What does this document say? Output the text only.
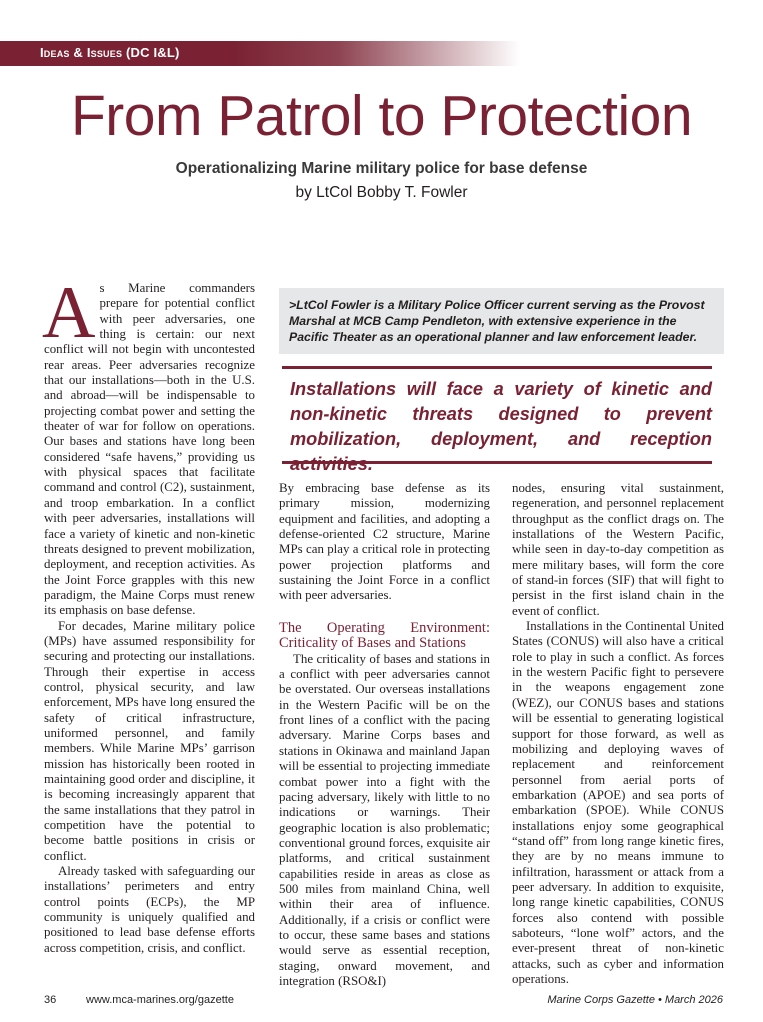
Ideas & Issues (DC I&L)
From Patrol to Protection
Operationalizing Marine military police for base defense
by LtCol Bobby T. Fowler

As Marine commanders prepare for potential conflict with peer adversaries, one thing is certain: our next conflict will not begin with uncontested rear areas. Peer adversaries recognize that our installations—both in the U.S. and abroad—will be indispensable to projecting combat power and setting the theater of war for follow on operations. Our bases and stations have long been considered “safe havens,” providing us with physical spaces that facilitate command and control (C2), sustainment, and troop embarkation. In a conflict with peer adversaries, installations will face a variety of kinetic and non-kinetic threats designed to prevent mobilization, deployment, and reception activities. As the Joint Force grapples with this new paradigm, the Maine Corps must renew its emphasis on base defense.

For decades, Marine military police (MPs) have assumed responsibility for securing and protecting our installations. Through their expertise in access control, physical security, and law enforcement, MPs have long ensured the safety of critical infrastructure, uniformed personnel, and family members. While Marine MPs’ garrison mission has historically been rooted in maintaining good order and discipline, it is becoming increasingly apparent that the same installations that they patrol in competition have the potential to become battle positions in crisis or conflict.

Already tasked with safeguarding our installations’ perimeters and entry control points (ECPs), the MP community is uniquely qualified and positioned to lead base defense efforts across competition, crisis, and conflict.

>LtCol Fowler is a Military Police Officer current serving as the Provost Marshal at MCB Camp Pendleton, with extensive experience in the Pacific Theater as an operational planner and law enforcement leader.

Installations will face a variety of kinetic and non-kinetic threats designed to prevent mobilization, deployment, and reception activities.

By embracing base defense as its primary mission, modernizing equipment and facilities, and adopting a defense-oriented C2 structure, Marine MPs can play a critical role in protecting power projection platforms and sustaining the Joint Force in a conflict with peer adversaries.

The Operating Environment: Criticality of Bases and Stations

The criticality of bases and stations in a conflict with peer adversaries cannot be overstated. Our overseas installations in the Western Pacific will be on the front lines of a conflict with the pacing adversary. Marine Corps bases and stations in Okinawa and mainland Japan will be essential to projecting immediate combat power into a fight with the pacing adversary, likely with little to no indications or warnings. Their geographic location is also problematic; conventional ground forces, exquisite air platforms, and critical sustainment capabilities reside in areas as close as 500 miles from mainland China, well within their area of influence. Additionally, if a crisis or conflict were to occur, these same bases and stations would serve as essential reception, staging, onward movement, and integration (RSO&I)

nodes, ensuring vital sustainment, regeneration, and personnel replacement throughput as the conflict drags on. The installations of the Western Pacific, while seen in day-to-day competition as mere military bases, will form the core of stand-in forces (SIF) that will fight to persist in the first island chain in the event of conflict.

Installations in the Continental United States (CONUS) will also have a critical role to play in such a conflict. As forces in the western Pacific fight to persevere in the weapons engagement zone (WEZ), our CONUS bases and stations will be essential to generating logistical support for those forward, as well as mobilizing and deploying waves of replacement and reinforcement personnel from aerial ports of embarkation (APOE) and sea ports of embarkation (SPOE). While CONUS installations enjoy some geographical “stand off” from long range kinetic fires, they are by no means immune to infiltration, harassment or attack from a peer adversary. In addition to exquisite, long range kinetic capabilities, CONUS forces also contend with possible saboteurs, “lone wolf” actors, and the ever-present threat of non-kinetic attacks, such as cyber and information operations.

36	www.mca-marines.org/gazette	Marine Corps Gazette • March 2026
